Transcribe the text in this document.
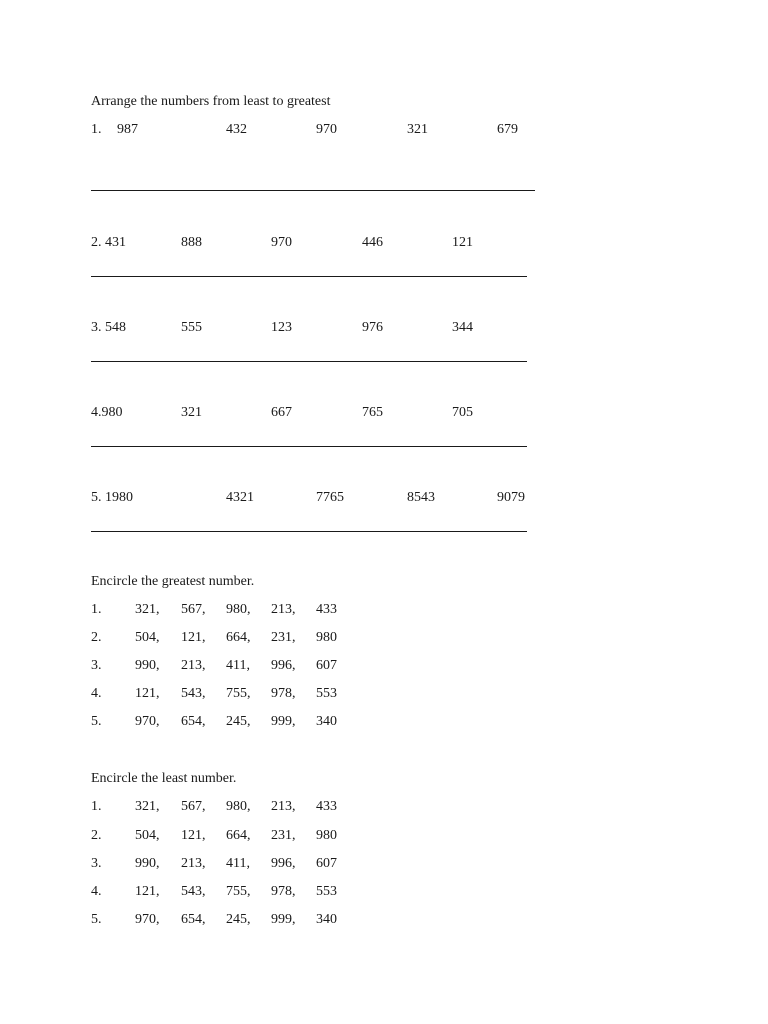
Arrange the numbers from least to greatest
1. 987	432	970	321	679
2. 431	888	970	446	121
3. 548	555	123	976	344
4.980	321	667	765	705
5. 1980	4321	7765	8543	9079
Encircle the greatest number.
1. 321, 567, 980, 213, 433
2. 504, 121, 664, 231, 980
3. 990, 213, 411, 996, 607
4. 121, 543, 755, 978, 553
5. 970, 654, 245, 999, 340
Encircle the least number.
1. 321, 567, 980, 213, 433
2. 504, 121, 664, 231, 980
3. 990, 213, 411, 996, 607
4. 121, 543, 755, 978, 553
5. 970, 654, 245, 999, 340
